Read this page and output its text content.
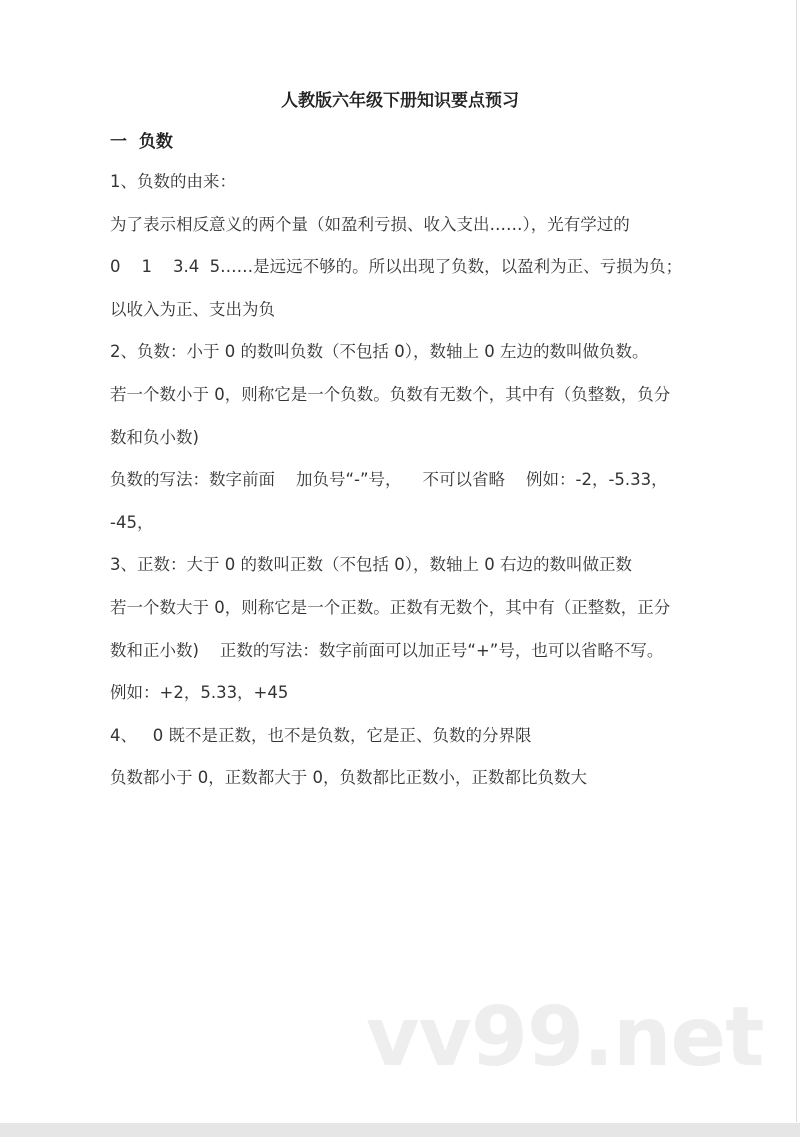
人教版六年级下册知识要点预习
一  负数
1、负数的由来：
为了表示相反意义的两个量（如盈利亏损、收入支出……），光有学过的
0    1    3.4  5……是远远不够的。所以出现了负数，以盈利为正、亏损为负；
以收入为正、支出为负
2、负数：小于 0 的数叫负数（不包括 0），数轴上 0 左边的数叫做负数。
若一个数小于 0，则称它是一个负数。负数有无数个，其中有（负整数，负分
数和负小数)
负数的写法：数字前面    加负号“-”号，    不可以省略    例如：-2，-5.33，
-45，
3、正数：大于 0 的数叫正数（不包括 0），数轴上 0 右边的数叫做正数
若一个数大于 0，则称它是一个正数。正数有无数个，其中有（正整数，正分
数和正小数)    正数的写法：数字前面可以加正号“+”号，也可以省略不写。
例如：+2，5.33，+45
4、   0 既不是正数，也不是负数，它是正、负数的分界限
负数都小于 0，正数都大于 0，负数都比正数小，正数都比负数大
vv99.net
